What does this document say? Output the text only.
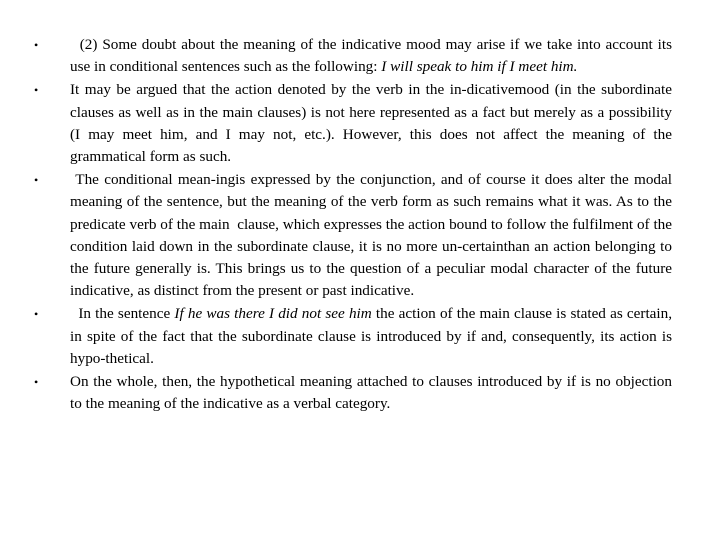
•	(2) Some doubt about the meaning of the indicative mood may arise if we take into account its use in conditional sentences such as the following: I will speak to him if I meet him.
•	It may be argued that the action denoted by the verb in the in-dicativemood (in the subordinate clauses as well as in the main clauses) is not here represented as a fact but merely as a possibility (I may meet him, and I may not, etc.). However, this does not affect the meaning of the grammatical form as such.
•	The conditional mean-ingis expressed by the conjunction, and of course it does alter the modal meaning of the sentence, but the meaning of the verb form as such remains what it was. As to the predicate verb of the main  clause, which expresses the action bound to follow the fulfilment of the condition laid down in the subordinate clause, it is no more un-certainthan an action belonging to the future generally is. This brings us to the question of a peculiar modal character of the future indicative, as distinct from the present or past indicative.
•	In the sentence If he was there I did not see him the action of the main clause is stated as certain, in spite of the fact that the subordinate clause is introduced by if and, consequently, its action is hypo-thetical.
•	On the whole, then, the hypothetical meaning attached to clauses introduced by if is no objection to the meaning of the indicative as a verbal category.
